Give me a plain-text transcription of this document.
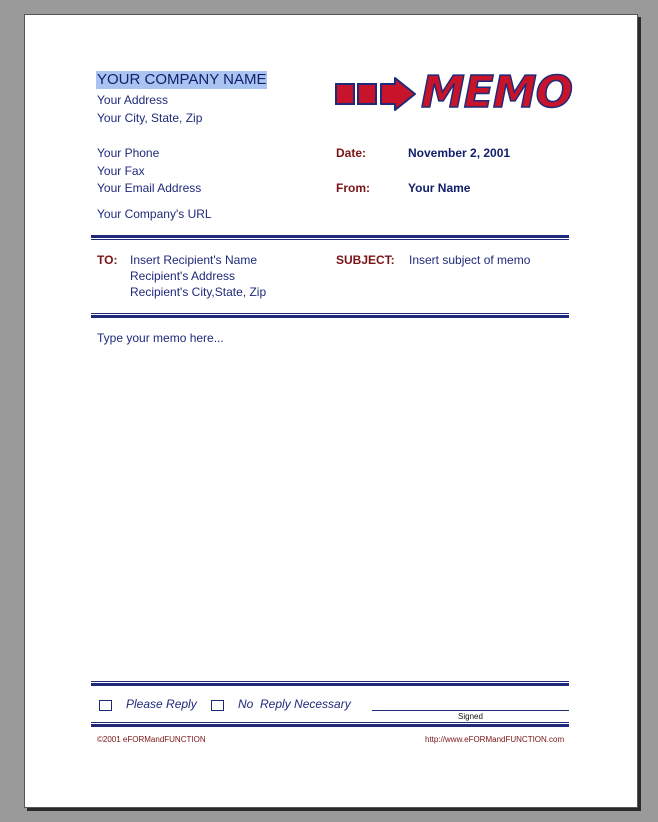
YOUR COMPANY NAME
Your Address
Your City, State, Zip
Your Phone
Your Fax
Your Email Address
Your Company's URL
MEMO
Date:	November 2, 2001
From:	Your Name
TO: Insert Recipient's Name
Recipient's Address
Recipient's City,State, Zip
SUBJECT: Insert subject of memo
Type your memo here...
Please Reply	No  Reply Necessary
Signed
©2001 eFORMandFUNCTION	http://www.eFORMandFUNCTION.com
